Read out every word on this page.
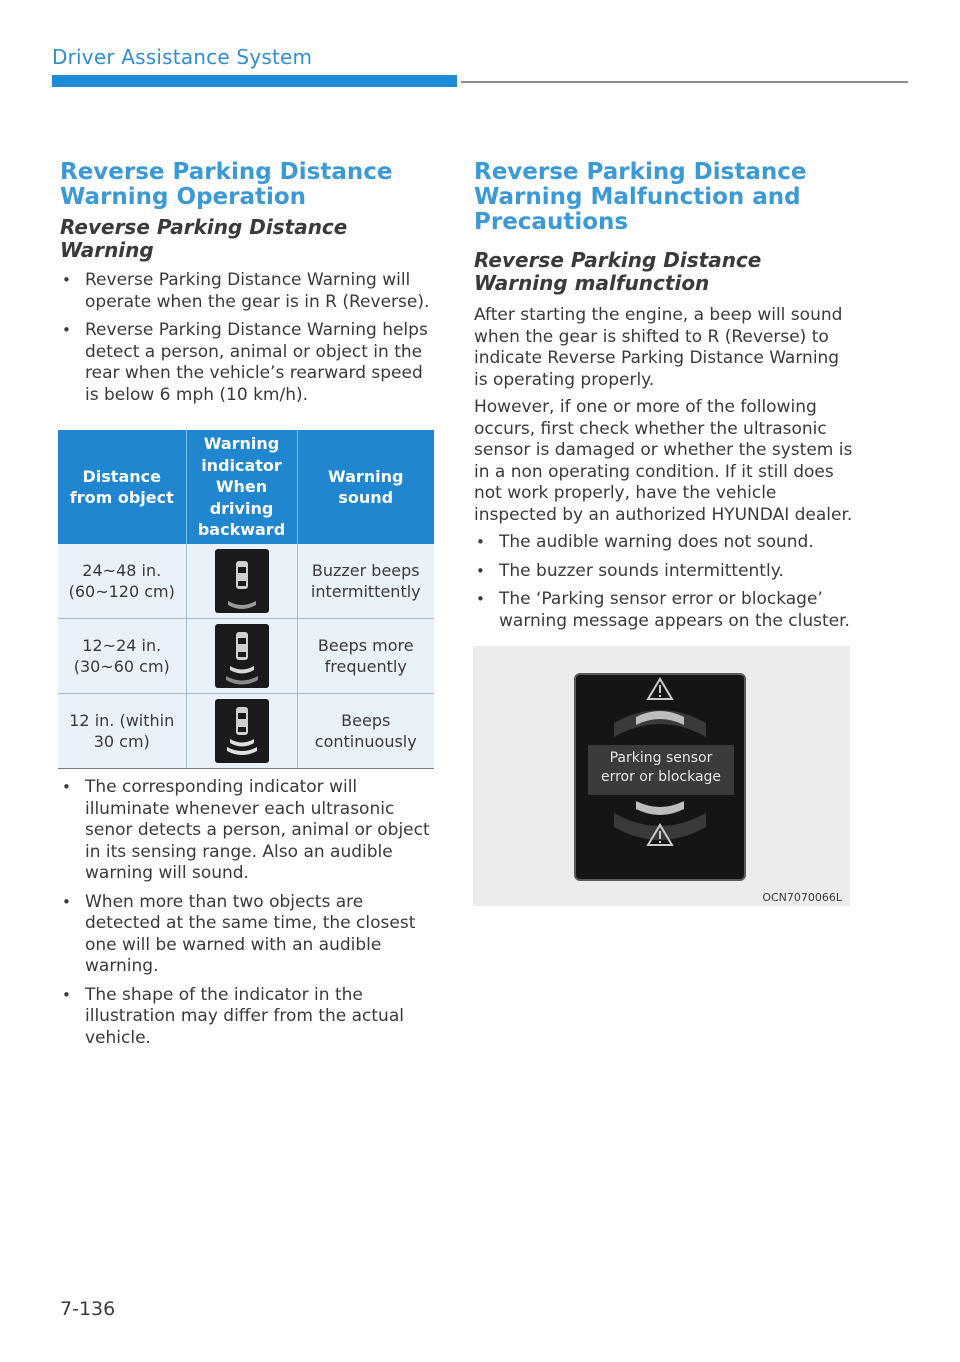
Driver Assistance System
Reverse Parking Distance Warning Operation
Reverse Parking Distance Warning
• Reverse Parking Distance Warning will operate when the gear is in R (Reverse).
• Reverse Parking Distance Warning helps detect a person, animal or object in the rear when the vehicle’s rearward speed is below 6 mph (10 km/h).
Distance from object	Warning indicator When driving backward	Warning sound
24~48 in. (60~120 cm)		Buzzer beeps intermittently
12~24 in. (30~60 cm)		Beeps more frequently
12 in. (within 30 cm)		Beeps continuously
• The corresponding indicator will illuminate whenever each ultrasonic senor detects a person, animal or object in its sensing range. Also an audible warning will sound.
• When more than two objects are detected at the same time, the closest one will be warned with an audible warning.
• The shape of the indicator in the illustration may differ from the actual vehicle.
Reverse Parking Distance Warning Malfunction and Precautions
Reverse Parking Distance Warning malfunction

After starting the engine, a beep will sound when the gear is shifted to R (Reverse) to indicate Reverse Parking Distance Warning is operating properly.

However, if one or more of the following occurs, first check whether the ultrasonic sensor is damaged or whether the system is in a non operating condition. If it still does not work properly, have the vehicle inspected by an authorized HYUNDAI dealer.

• The audible warning does not sound.
• The buzzer sounds intermittently.
• The ‘Parking sensor error or blockage’ warning message appears on the cluster.
Parking sensor
error or blockage
OCN7070066L
7-136
